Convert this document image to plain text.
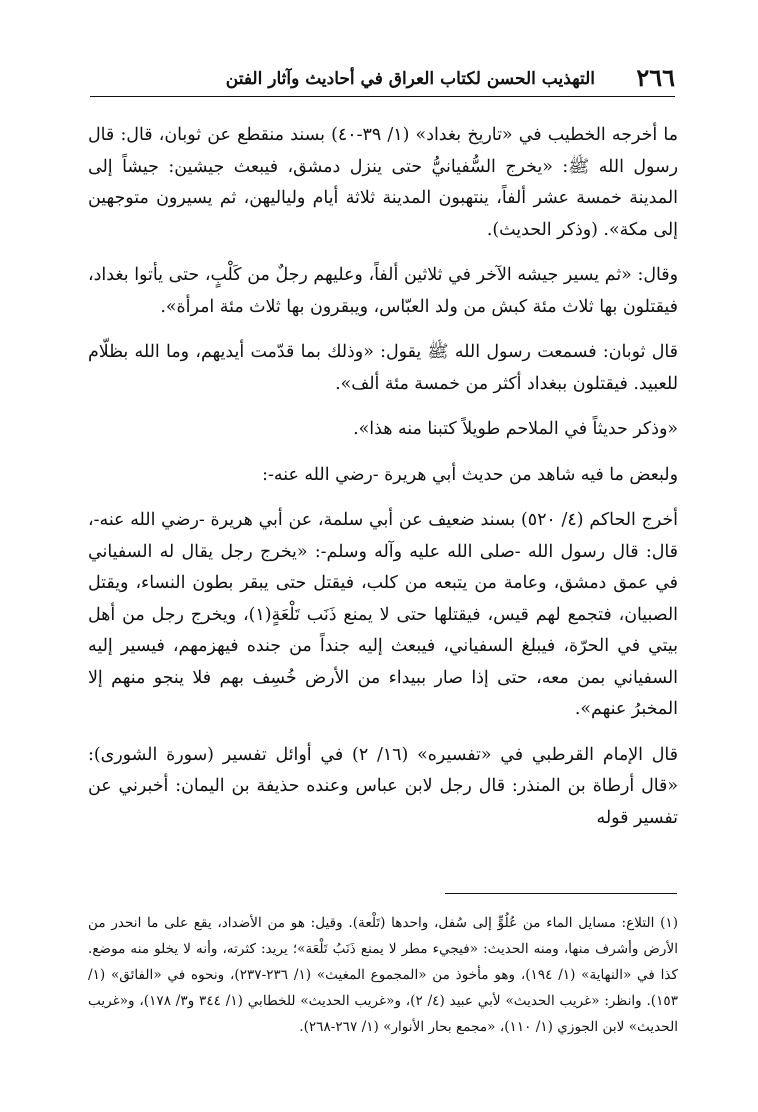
٢٦٦
التهذيب الحسن لكتاب العراق في أحاديث وآثار الفتن

ما أخرجه الخطيب في «تاريخ بغداد» (١/ ٣٩-٤٠) بسند منقطع عن ثوبان، قال: قال رسول الله ﷺ: «يخرج السُّفيانيُّ حتى ينزل دمشق، فيبعث جيشين: جيشاً إلى المدينة خمسة عشر ألفاً، ينتهبون المدينة ثلاثة أيام ولياليهن، ثم يسيرون متوجهين إلى مكة». (وذكر الحديث).

وقال: «ثم يسير جيشه الآخر في ثلاثين ألفاً، وعليهم رجلٌ من كَلْبٍ، حتى يأتوا بغداد، فيقتلون بها ثلاث مئة كبش من ولد العبّاس، ويبقرون بها ثلاث مئة امرأة».

قال ثوبان: فسمعت رسول الله ﷺ يقول: «وذلك بما قدّمت أيديهم، وما الله بظلّام للعبيد. فيقتلون ببغداد أكثر من خمسة مئة ألف».

«وذكر حديثاً في الملاحم طويلاً كتبنا منه هذا».

ولبعض ما فيه شاهد من حديث أبي هريرة -رضي الله عنه-:

أخرج الحاكم (٤/ ٥٢٠) بسند ضعيف عن أبي سلمة، عن أبي هريرة -رضي الله عنه-، قال: قال رسول الله -صلى الله عليه وآله وسلم-: «يخرج رجل يقال له السفياني في عمق دمشق، وعامة من يتبعه من كلب، فيقتل حتى يبقر بطون النساء، ويقتل الصبيان، فتجمع لهم قيس، فيقتلها حتى لا يمنع ذَنَب تَلْعَةٍ(١)، ويخرج رجل من أهل بيتي في الحرّة، فيبلغ السفياني، فيبعث إليه جنداً من جنده فيهزمهم، فيسير إليه السفياني بمن معه، حتى إذا صار ببيداء من الأرض خُسِف بهم فلا ينجو منهم إلا المخبرُ عنهم».

قال الإمام القرطبي في «تفسيره» (١٦/ ٢) في أوائل تفسير (سورة الشورى): «قال أرطاة بن المنذر: قال رجل لابن عباس وعنده حذيفة بن اليمان: أخبرني عن تفسير قوله

(١) التلاع: مسايل الماء من عُلُوٍّ إلى سُفل، واحدها (تَلْعة). وقيل: هو من الأضداد، يقع على ما انحدر من الأرض وأشرف منها، ومنه الحديث: «فيجيء مطر لا يمنع ذَنَبُ تَلْعَة»؛ يريد: كثرته، وأنه لا يخلو منه موضع. كذا في «النهاية» (١/ ١٩٤)، وهو مأخوذ من «المجموع المغيث» (١/ ٢٣٦-٢٣٧)، ونحوه في «الفائق» (١/ ١٥٣). وانظر: «غريب الحديث» لأبي عبيد (٤/ ٢)، و«غريب الحديث» للخطابي (١/ ٣٤٤ و٣/ ١٧٨)، و«غريب الحديث» لابن الجوزي (١/ ١١٠)، «مجمع بحار الأنوار» (١/ ٢٦٧-٢٦٨).
